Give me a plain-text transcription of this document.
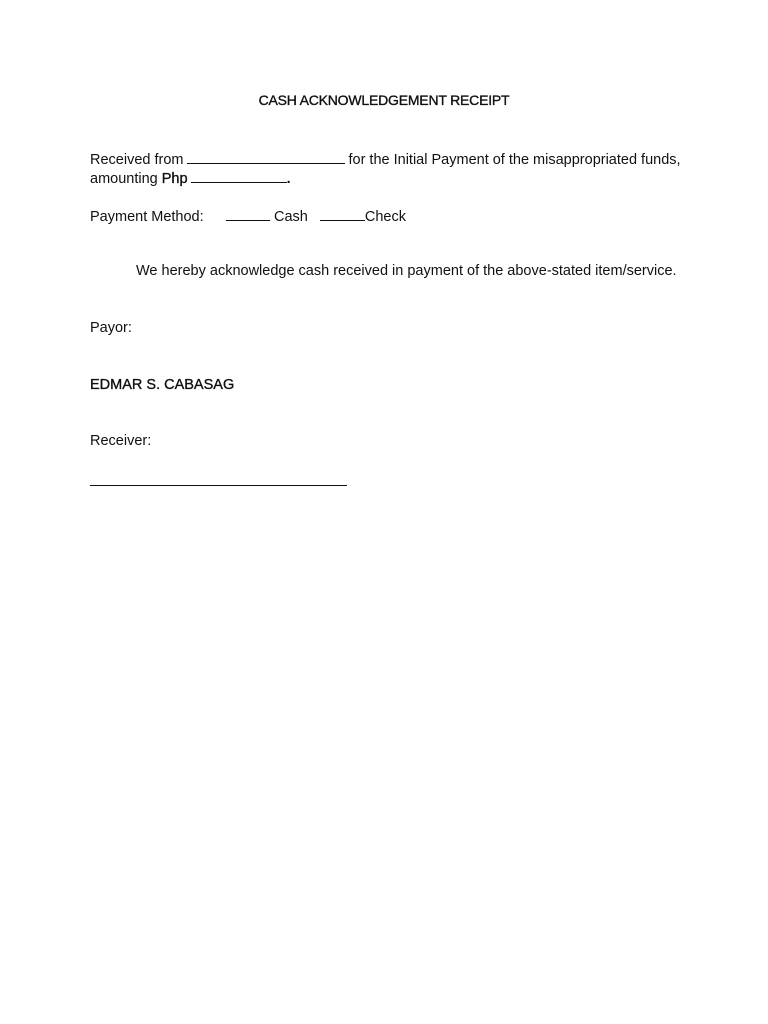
CASH ACKNOWLEDGEMENT RECEIPT
Received from	for the Initial Payment of the misappropriated funds,
amounting Php	.
Payment Method:	Cash	Check
We hereby acknowledge cash received in payment of the above-stated item/service.
Payor:
EDMAR S. CABASAG
Receiver:
